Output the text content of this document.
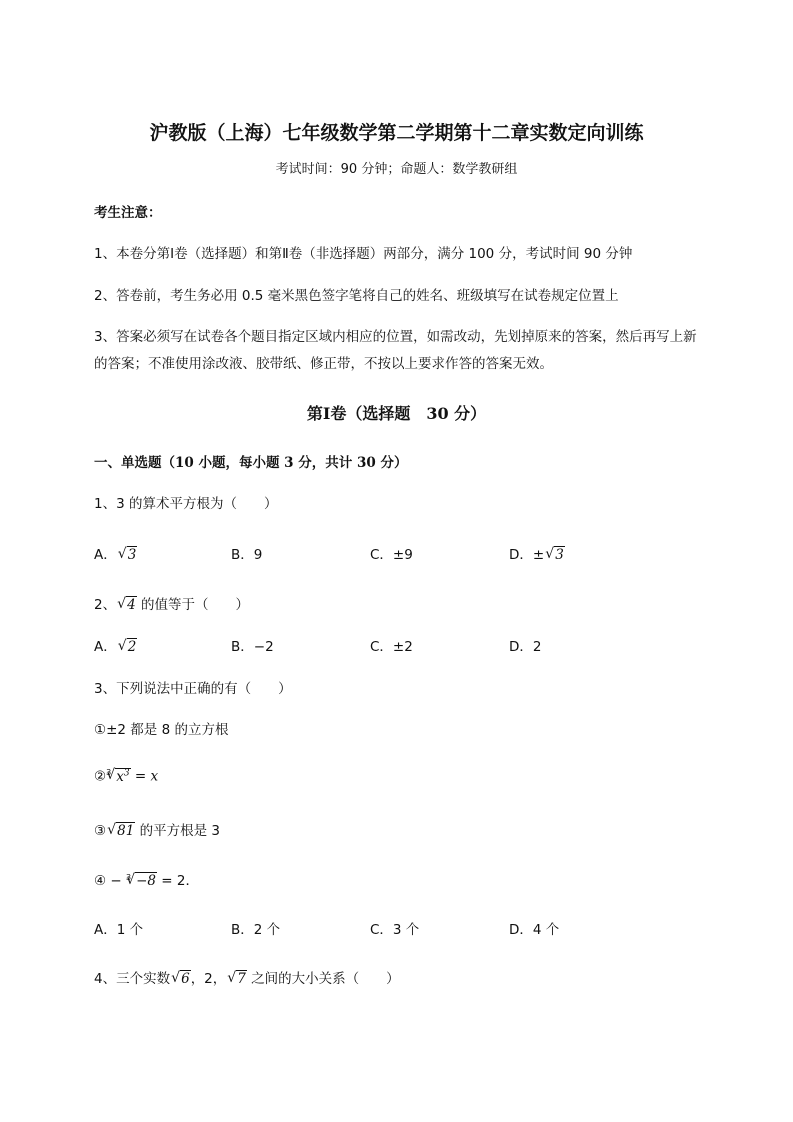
沪教版（上海）七年级数学第二学期第十二章实数定向训练
考试时间：90 分钟；命题人：数学教研组
考生注意：
1、本卷分第Ⅰ卷（选择题）和第Ⅱ卷（非选择题）两部分，满分 100 分，考试时间 90 分钟
2、答卷前，考生务必用 0.5 毫米黑色签字笔将自己的姓名、班级填写在试卷规定位置上
3、答案必须写在试卷各个题目指定区域内相应的位置，如需改动，先划掉原来的答案，然后再写上新
的答案；不准使用涂改液、胶带纸、修正带，不按以上要求作答的答案无效。
第Ⅰ卷（选择题　30 分）
一、单选题（10 小题，每小题 3 分，共计 30 分）
1、3 的算术平方根为（　　）
A． √ 3	B．9	C．±9	D．± √ 3
2、 √ 4 的值等于（　　）
A． √ 2	B．−2	C．±2	D．2
3、下列说法中正确的有（　　）
①±2 都是 8 的立方根
②$^3$ √ $x^3 = x$
③ √ 81 的平方根是 3
④ − $^3$ √ −8 = 2．
A．1 个	B．2 个	C．3 个	D．4 个
4、三个实数 √ 6，2， √ 7 之间的大小关系（　　）
